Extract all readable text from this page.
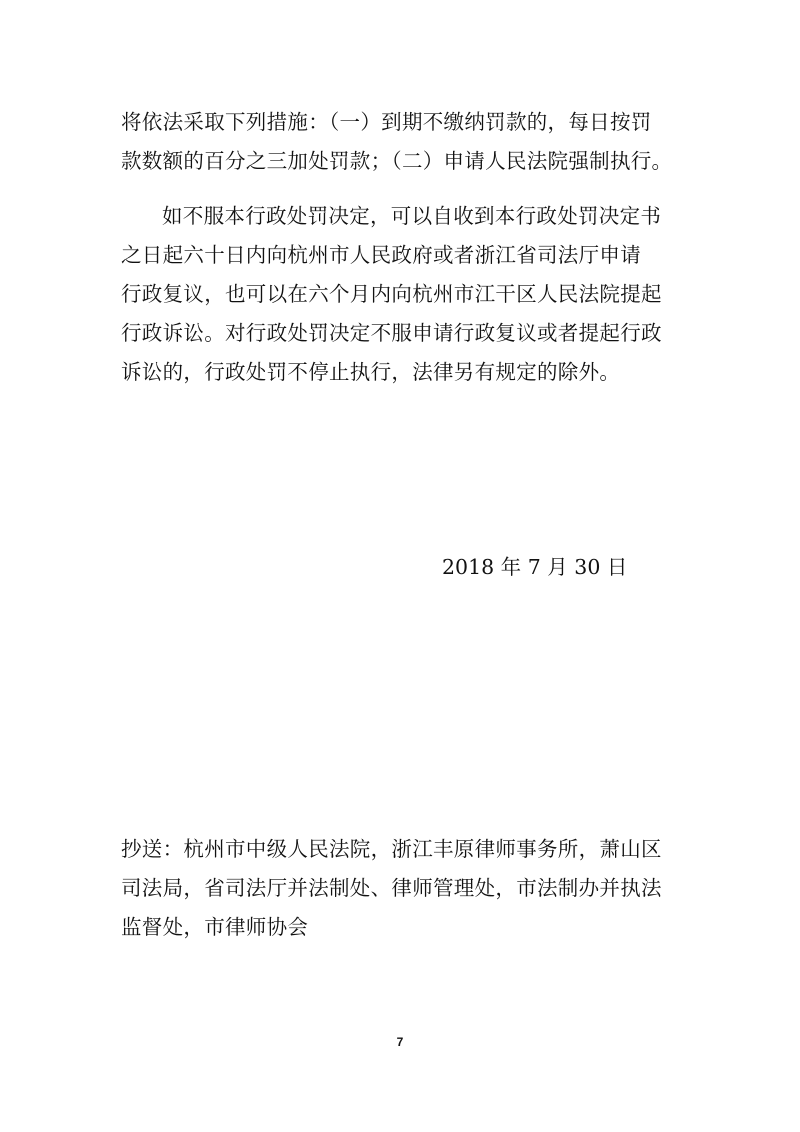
将依法采取下列措施：（一）到期不缴纳罚款的，每日按罚
款数额的百分之三加处罚款；（二）申请人民法院强制执行。
如不服本行政处罚决定，可以自收到本行政处罚决定书
之日起六十日内向杭州市人民政府或者浙江省司法厅申请
行政复议，也可以在六个月内向杭州市江干区人民法院提起
行政诉讼。对行政处罚决定不服申请行政复议或者提起行政
诉讼的，行政处罚不停止执行，法律另有规定的除外。
2018 年 7 月 30 日
抄送：杭州市中级人民法院，浙江丰原律师事务所，萧山区
司法局，省司法厅并法制处、律师管理处，市法制办并执法
监督处，市律师协会
7
